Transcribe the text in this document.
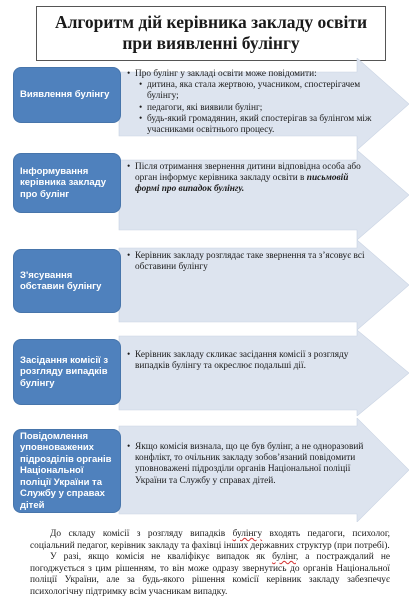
Алгоритм дій керівника закладу освіти при виявленні булінгу
Виявлення булінгу
• Про булінг у закладі освіти може повідомити:
• дитина, яка стала жертвою, учасником, спостерігачем булінгу;
• педагоги, які виявили булінг;
• будь-який громадянин, який спостерігав за булінгом між учасниками освітнього процесу.
Інформування керівника закладу про булінг
• Після отримання звернення дитини відповідна особа або орган інформує керівника закладу освіти в письмовій формі про випадок булінгу.
З'ясування обставин булінгу
• Керівник закладу розглядає таке звернення та з’ясовує всі обставини булінгу
Засідання комісії з розгляду випадків булінгу
• Керівник закладу скликає засідання комісії з розгляду випадків булінгу та окреслює подальші дії.
Повідомлення уповноважених підрозділів органів Національної поліції України та Службу у справах дітей
• Якщо комісія визнала, що це був булінг, а не одноразовий конфлікт, то очільник закладу зобов’язаний повідомити уповноважені підрозділи органів Національної поліції України та Службу у справах дітей.

До складу комісії з розгляду випадків булінгу входять педагоги, психолог, соціальний педагог, керівник закладу та фахівці інших державних структур (при потребі).

У разі, якщо комісія не кваліфікує випадок як булінг, а постраждалий не погоджується з цим рішенням, то він може одразу звернутись до органів Національної поліції України, але за будь-якого рішення комісії керівник закладу забезпечує психологічну підтримку всім учасникам випадку.
